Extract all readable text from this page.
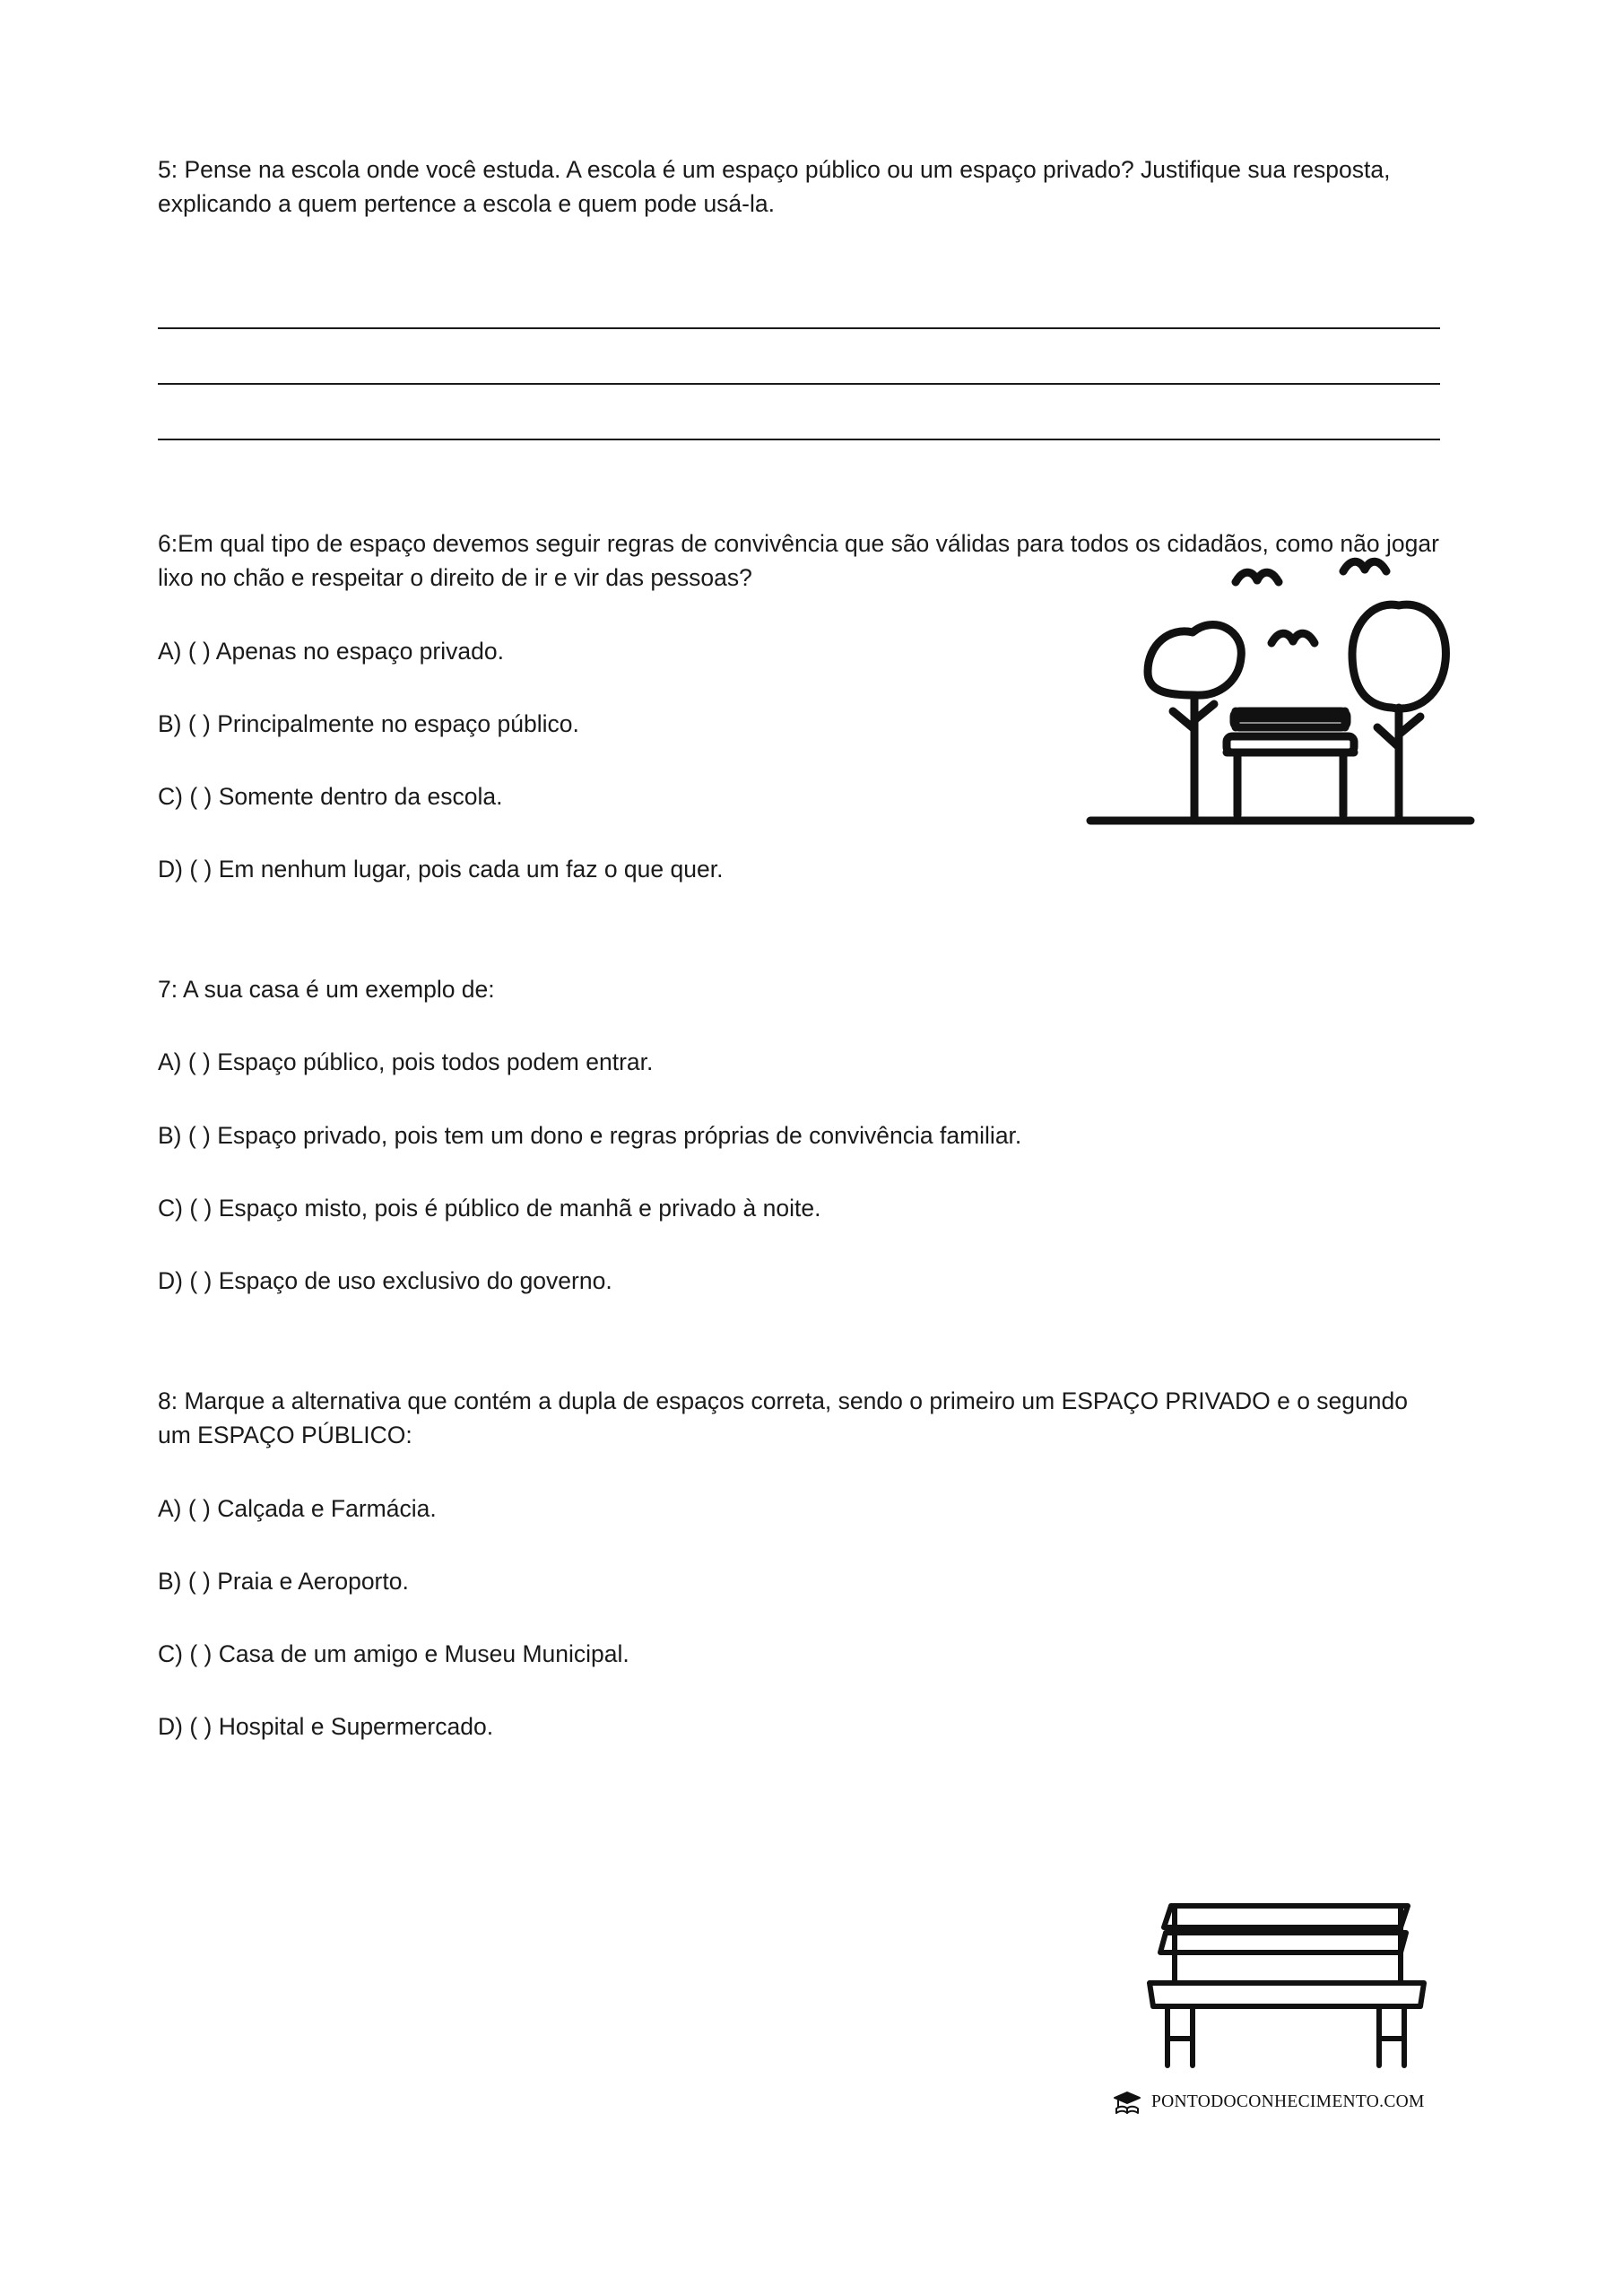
5: Pense na escola onde você estuda. A escola é um espaço público ou um espaço privado? Justifique sua resposta, explicando a quem pertence a escola e quem pode usá-la.

6:Em qual tipo de espaço devemos seguir regras de convivência que são válidas para todos os cidadãos, como não jogar lixo no chão e respeitar o direito de ir e vir das pessoas?

A) ( ) Apenas no espaço privado.
B) ( ) Principalmente no espaço público.
C) ( ) Somente dentro da escola.
D) ( ) Em nenhum lugar, pois cada um faz o que quer.

7: A sua casa é um exemplo de:

A) ( ) Espaço público, pois todos podem entrar.
B) ( ) Espaço privado, pois tem um dono e regras próprias de convivência familiar.
C) ( ) Espaço misto, pois é público de manhã e privado à noite.
D) ( ) Espaço de uso exclusivo do governo.

8: Marque a alternativa que contém a dupla de espaços correta, sendo o primeiro um ESPAÇO PRIVADO e o segundo um ESPAÇO PÚBLICO:

A) ( ) Calçada e Farmácia.
B) ( ) Praia e Aeroporto.
C) ( ) Casa de um amigo e Museu Municipal.
D) ( ) Hospital e Supermercado.
PONTODOCONHECIMENTO.COM
